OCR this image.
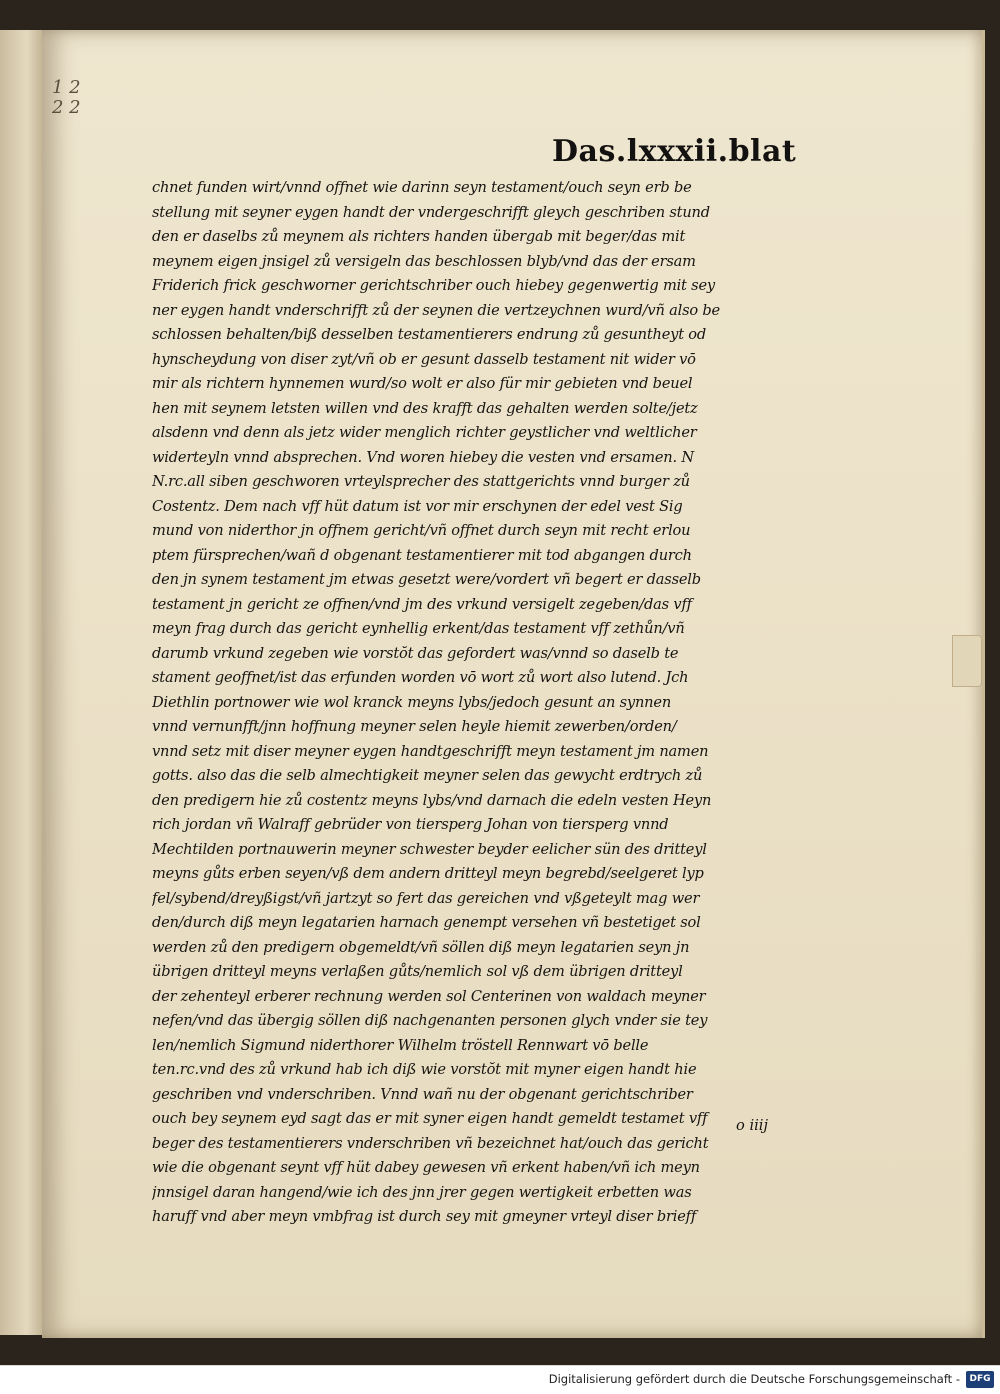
1 2
2 2
Das.lxxxii.blat
chnet funden wirt/vnnd offnet wie darinn seyn testament/ouch seyn erb be
stellung mit seyner eygen handt der vndergeschrifft gleych geschriben stund
den er daselbs zů meynem als richters handen übergab mit beger/das mit
meynem eigen jnsigel zů versigeln das beschlossen blyb/vnd das der ersam
Friderich frick geschworner gerichtschriber ouch hiebey gegenwertig mit sey
ner eygen handt vnderschrifft zů der seynen die vertzeychnen wurd/vñ also be
schlossen behalten/biß desselben testamentierers endrung zů gesuntheyt od
hynscheydung von diser zyt/vñ ob er gesunt dasselb testament nit wider vō
mir als richtern hynnemen wurd/so wolt er also für mir gebieten vnd beuel
hen mit seynem letsten willen vnd des krafft das gehalten werden solte/jetz
alsdenn vnd denn als jetz wider menglich richter geystlicher vnd weltlicher
widerteyln vnnd absprechen. Vnd woren hiebey die vesten vnd ersamen. N
N.rc.all siben geschworen vrteylsprecher des stattgerichts vnnd burger zů
Costentz. Dem nach vff hüt datum ist vor mir erschynen der edel vest Sig
mund von niderthor jn offnem gericht/vñ offnet durch seyn mit recht erlou
ptem fürsprechen/wañ d obgenant testamentierer mit tod abgangen durch
den jn synem testament jm etwas gesetzt were/vordert vñ begert er dasselb
testament jn gericht ze offnen/vnd jm des vrkund versigelt zegeben/das vff
meyn frag durch das gericht eynhellig erkent/das testament vff zethůn/vñ
darumb vrkund zegeben wie vorstŏt das gefordert was/vnnd so daselb te
stament geoffnet/ist das erfunden worden vō wort zů wort also lutend. Jch
Diethlin portnower wie wol kranck meyns lybs/jedoch gesunt an synnen
vnnd vernunfft/jnn hoffnung meyner selen heyle hiemit zewerben/orden/
vnnd setz mit diser meyner eygen handtgeschrifft meyn testament jm namen
gotts. also das die selb almechtigkeit meyner selen das gewycht erdtrych zů
den predigern hie zů costentz meyns lybs/vnd darnach die edeln vesten Heyn
rich jordan vñ Walraff gebrüder von tiersperg Johan von tiersperg vnnd
Mechtilden portnauwerin meyner schwester beyder eelicher sün des dritteyl
meyns gůts erben seyen/vß dem andern dritteyl meyn begrebd/seelgeret lyp
fel/sybend/dreyßigst/vñ jartzyt so fert das gereichen vnd vßgeteylt mag wer
den/durch diß meyn legatarien harnach genempt versehen vñ bestetiget sol
werden zů den predigern obgemeldt/vñ söllen diß meyn legatarien seyn jn
übrigen dritteyl meyns verlaßen gůts/nemlich sol vß dem übrigen dritteyl
der zehenteyl erberer rechnung werden sol Centerinen von waldach meyner
nefen/vnd das übergig söllen diß nachgenanten personen glych vnder sie tey
len/nemlich Sigmund niderthorer Wilhelm tröstell Rennwart vō belle
ten.rc.vnd des zů vrkund hab ich diß wie vorstŏt mit myner eigen handt hie
geschriben vnd vnderschriben. Vnnd wañ nu der obgenant gerichtschriber
ouch bey seynem eyd sagt das er mit syner eigen handt gemeldt testamet vff
beger des testamentierers vnderschriben vñ bezeichnet hat/ouch das gericht
wie die obgenant seynt vff hüt dabey gewesen vñ erkent haben/vñ ich meyn
jnnsigel daran hangend/wie ich des jnn jrer gegen wertigkeit erbetten was
haruff vnd aber meyn vmbfrag ist durch sey mit gmeyner vrteyl diser brieff
o iiij
Digitalisierung gefördert durch die Deutsche Forschungsgemeinschaft -	DFG
